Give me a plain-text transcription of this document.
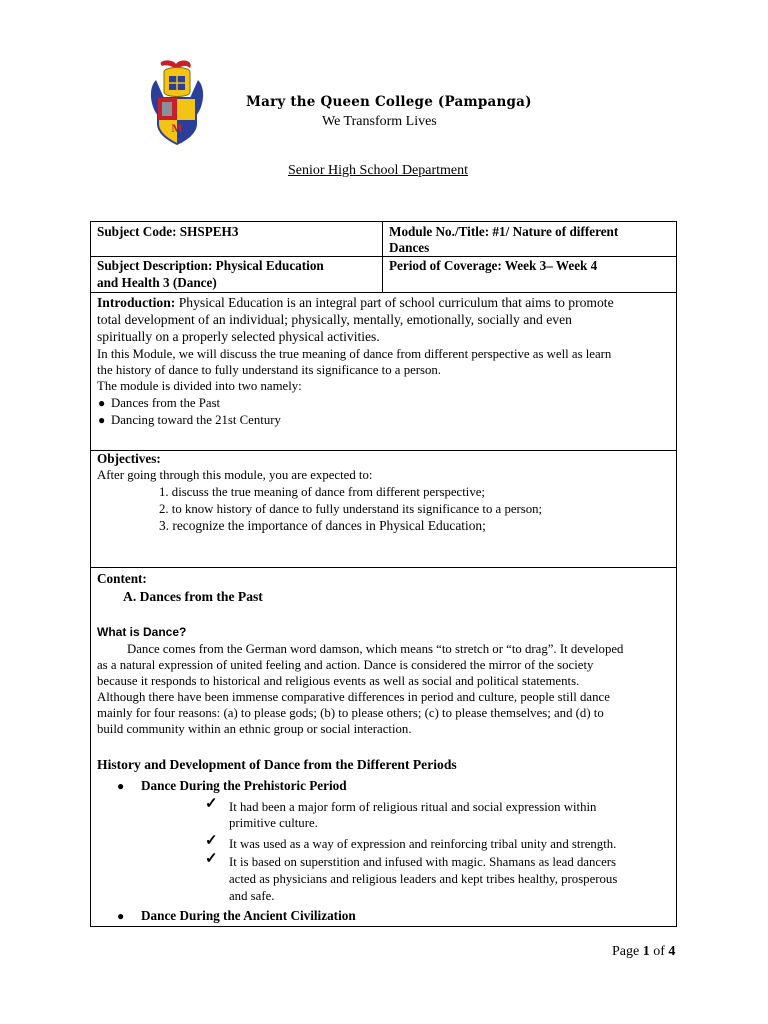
M
Mary the Queen College (Pampanga)
We Transform Lives
Senior High School Department
Subject Code: SHSPEH3	Module No./Title: #1/ Nature of different
Dances
Subject Description: Physical Education
and Health 3 (Dance)
Period of Coverage: Week 3– Week 4
Introduction: Physical Education is an integral part of school curriculum that aims to promote
total development of an individual; physically, mentally, emotionally, socially and even
spiritually on a properly selected physical activities.
In this Module, we will discuss the true meaning of dance from different perspective as well as learn
the history of dance to fully understand its significance to a person.
The module is divided into two namely:
● Dances from the Past
● Dancing toward the 21st Century
Objectives:
After going through this module, you are expected to:
1. discuss the true meaning of dance from different perspective;
2. to know history of dance to fully understand its significance to a person;
3. recognize the importance of dances in Physical Education;
Content:
A. Dances from the Past
What is Dance?
Dance comes from the German word damson, which means “to stretch or “to drag”. It developed
as a natural expression of united feeling and action. Dance is considered the mirror of the society
because it responds to historical and religious events as well as social and political statements.
Although there have been immense comparative differences in period and culture, people still dance
mainly for four reasons: (a) to please gods; (b) to please others; (c) to please themselves; and (d) to
build community within an ethnic group or social interaction.
History and Development of Dance from the Different Periods
● Dance During the Prehistoric Period
✓ It had been a major form of religious ritual and social expression within
primitive culture.
✓ It was used as a way of expression and reinforcing tribal unity and strength.
✓ It is based on superstition and infused with magic. Shamans as lead dancers
acted as physicians and religious leaders and kept tribes healthy, prosperous
and safe.
● Dance During the Ancient Civilization
Page 1 of 4
